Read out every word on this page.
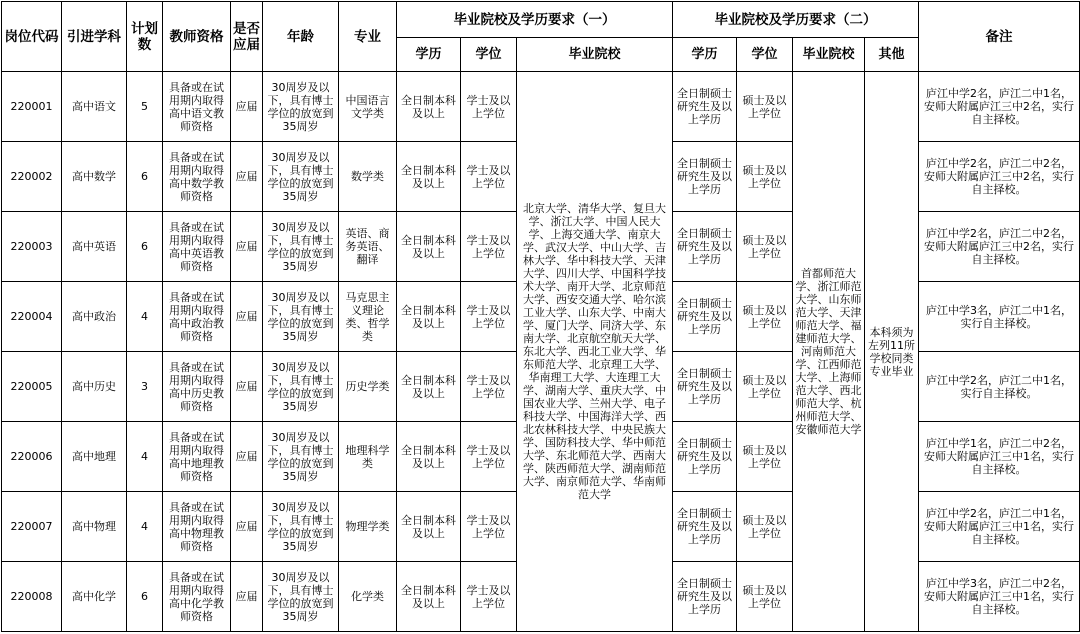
岗位代码	引进学科	计划数	教师资格	是否应届	年龄	专业	毕业院校及学历要求（一）			毕业院校及学历要求（二）				备注
							学历	学位	毕业院校	学历	学位	毕业院校	其他	
220001	高中语文	5	具备或在试用期内取得高中语文教师资格	应届	30周岁及以下，具有博士学位的放宽到35周岁	中国语言文学类	全日制本科及以上	学士及以上学位	北京大学、清华大学、复旦大学、浙江大学、中国人民大学、上海交通大学、南京大学、武汉大学、中山大学、吉林大学、华中科技大学、天津大学、四川大学、中国科学技术大学、南开大学、北京师范大学、西安交通大学、哈尔滨工业大学、山东大学、中南大学、厦门大学、同济大学、东南大学、北京航空航天大学、东北大学、西北工业大学、华东师范大学、北京理工大学、华南理工大学、大连理工大学、湖南大学、重庆大学、中国农业大学、兰州大学、电子科技大学、中国海洋大学、西北农林科技大学、中央民族大学、国防科技大学、华中师范大学、东北师范大学、西南大学、陕西师范大学、湖南师范大学、南京师范大学、华南师范大学	全日制硕士研究生及以上学历	硕士及以上学位	首都师范大学、浙江师范大学、山东师范大学、天津师范大学、福建师范大学、河南师范大学、江西师范大学、上海师范大学、西北师范大学、杭州师范大学、安徽师范大学	本科须为左列11所学校同类专业毕业	庐江中学2名，庐江二中1名，安师大附属庐江三中2名，实行自主择校。
220002	高中数学	6	具备或在试用期内取得高中数学教师资格	应届	30周岁及以下，具有博士学位的放宽到35周岁	数学类	全日制本科及以上	学士及以上学位		全日制硕士研究生及以上学历	硕士及以上学位			庐江中学2名，庐江二中2名，安师大附属庐江三中2名，实行自主择校。
220003	高中英语	6	具备或在试用期内取得高中英语教师资格	应届	30周岁及以下，具有博士学位的放宽到35周岁	英语、商务英语、翻译	全日制本科及以上	学士及以上学位		全日制硕士研究生及以上学历	硕士及以上学位			庐江中学2名，庐江二中2名，安师大附属庐江三中2名，实行自主择校。
220004	高中政治	4	具备或在试用期内取得高中政治教师资格	应届	30周岁及以下，具有博士学位的放宽到35周岁	马克思主义理论类、哲学类	全日制本科及以上	学士及以上学位		全日制硕士研究生及以上学历	硕士及以上学位			庐江中学3名，庐江二中1名，实行自主择校。
220005	高中历史	3	具备或在试用期内取得高中历史教师资格	应届	30周岁及以下，具有博士学位的放宽到35周岁	历史学类	全日制本科及以上	学士及以上学位		全日制硕士研究生及以上学历	硕士及以上学位			庐江中学2名，庐江二中1名，实行自主择校。
220006	高中地理	4	具备或在试用期内取得高中地理教师资格	应届	30周岁及以下，具有博士学位的放宽到35周岁	地理科学类	全日制本科及以上	学士及以上学位		全日制硕士研究生及以上学历	硕士及以上学位			庐江中学1名，庐江二中2名，安师大附属庐江三中1名，实行自主择校。
220007	高中物理	4	具备或在试用期内取得高中物理教师资格	应届	30周岁及以下，具有博士学位的放宽到35周岁	物理学类	全日制本科及以上	学士及以上学位		全日制硕士研究生及以上学历	硕士及以上学位			庐江中学2名，庐江二中1名，安师大附属庐江三中1名，实行自主择校。
220008	高中化学	6	具备或在试用期内取得高中化学教师资格	应届	30周岁及以下，具有博士学位的放宽到35周岁	化学类	全日制本科及以上	学士及以上学位		全日制硕士研究生及以上学历	硕士及以上学位			庐江中学3名，庐江二中2名，安师大附属庐江三中1名，实行自主择校。
